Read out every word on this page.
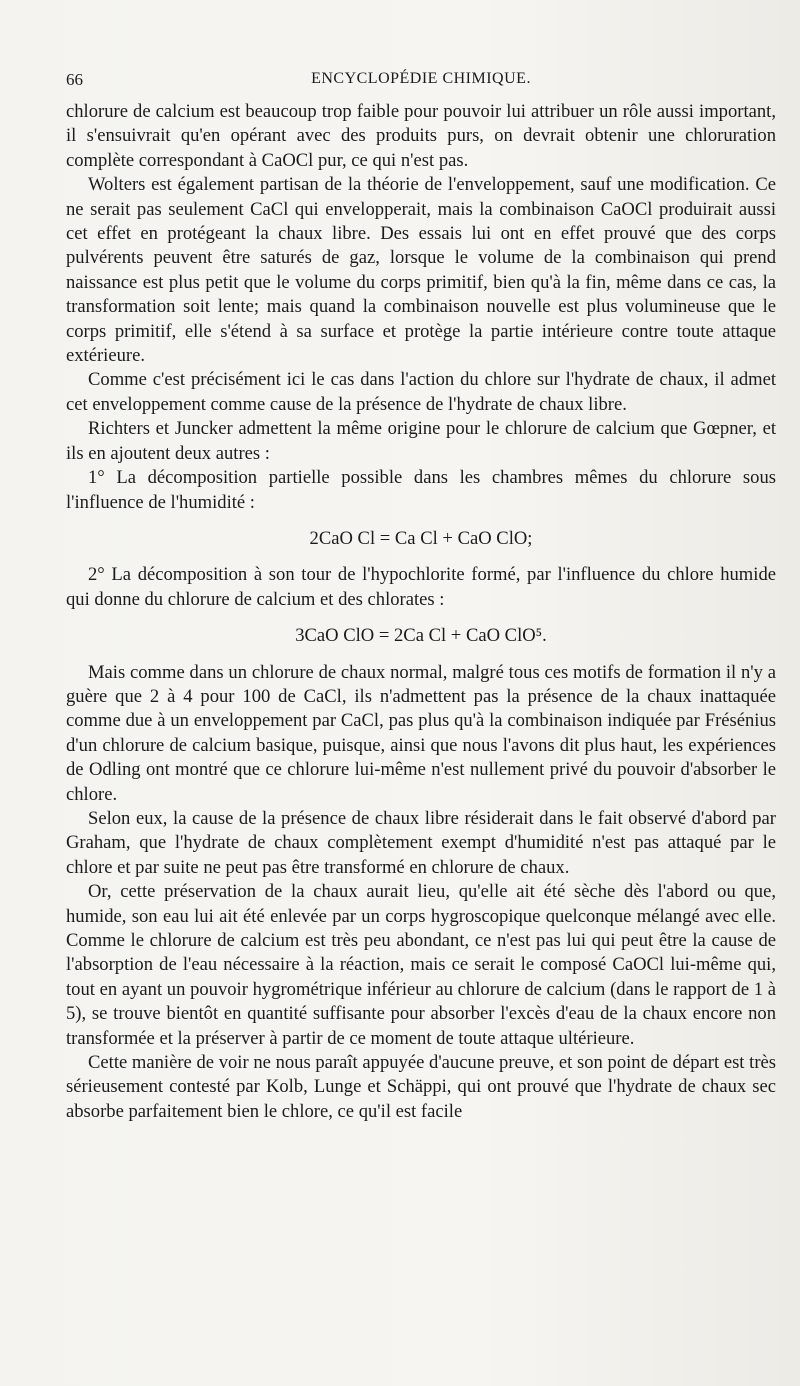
66	ENCYCLOPÉDIE CHIMIQUE.

chlorure de calcium est beaucoup trop faible pour pouvoir lui attribuer un rôle aussi important, il s'ensuivrait qu'en opérant avec des produits purs, on devrait obtenir une chloruration complète correspondant à CaOCl pur, ce qui n'est pas.

Wolters est également partisan de la théorie de l'enveloppement, sauf une modification. Ce ne serait pas seulement CaCl qui envelopperait, mais la combinaison CaOCl produirait aussi cet effet en protégeant la chaux libre. Des essais lui ont en effet prouvé que des corps pulvérents peuvent être saturés de gaz, lorsque le volume de la combinaison qui prend naissance est plus petit que le volume du corps primitif, bien qu'à la fin, même dans ce cas, la transformation soit lente; mais quand la combinaison nouvelle est plus volumineuse que le corps primitif, elle s'étend à sa surface et protège la partie intérieure contre toute attaque extérieure.

Comme c'est précisément ici le cas dans l'action du chlore sur l'hydrate de chaux, il admet cet enveloppement comme cause de la présence de l'hydrate de chaux libre.

Richters et Juncker admettent la même origine pour le chlorure de calcium que Gœpner, et ils en ajoutent deux autres :

1° La décomposition partielle possible dans les chambres mêmes du chlorure sous l'influence de l'humidité :

2CaO Cl = Ca Cl + CaO ClO;

2° La décomposition à son tour de l'hypochlorite formé, par l'influence du chlore humide qui donne du chlorure de calcium et des chlorates :

3CaO ClO = 2Ca Cl + CaO ClO⁵.

Mais comme dans un chlorure de chaux normal, malgré tous ces motifs de formation il n'y a guère que 2 à 4 pour 100 de CaCl, ils n'admettent pas la présence de la chaux inattaquée comme due à un enveloppement par CaCl, pas plus qu'à la combinaison indiquée par Frésénius d'un chlorure de calcium basique, puisque, ainsi que nous l'avons dit plus haut, les expériences de Odling ont montré que ce chlorure lui-même n'est nullement privé du pouvoir d'absorber le chlore.

Selon eux, la cause de la présence de chaux libre résiderait dans le fait observé d'abord par Graham, que l'hydrate de chaux complètement exempt d'humidité n'est pas attaqué par le chlore et par suite ne peut pas être transformé en chlorure de chaux.

Or, cette préservation de la chaux aurait lieu, qu'elle ait été sèche dès l'abord ou que, humide, son eau lui ait été enlevée par un corps hygroscopique quelconque mélangé avec elle. Comme le chlorure de calcium est très peu abondant, ce n'est pas lui qui peut être la cause de l'absorption de l'eau nécessaire à la réaction, mais ce serait le composé CaOCl lui-même qui, tout en ayant un pouvoir hygrométrique inférieur au chlorure de calcium (dans le rapport de 1 à 5), se trouve bientôt en quantité suffisante pour absorber l'excès d'eau de la chaux encore non transformée et la préserver à partir de ce moment de toute attaque ultérieure.

Cette manière de voir ne nous paraît appuyée d'aucune preuve, et son point de départ est très sérieusement contesté par Kolb, Lunge et Schäppi, qui ont prouvé que l'hydrate de chaux sec absorbe parfaitement bien le chlore, ce qu'il est facile
